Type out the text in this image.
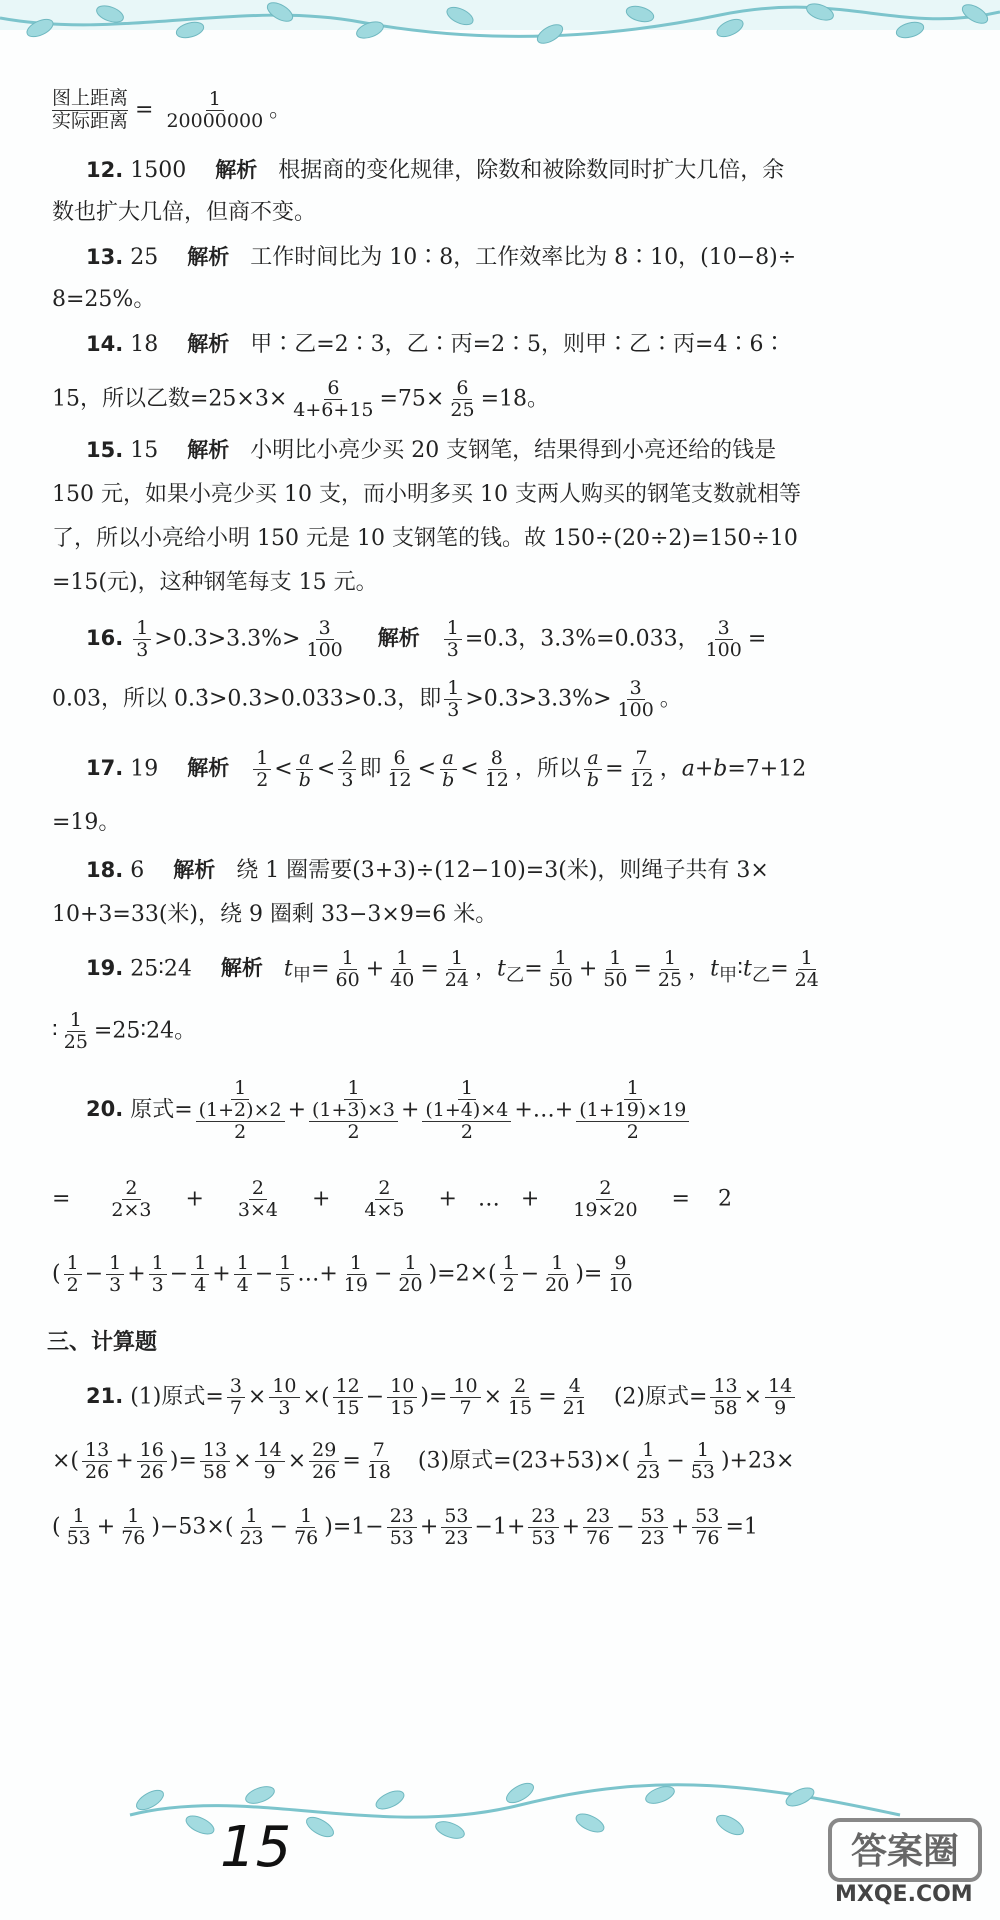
图上距离
实际距离 = $\frac{1}{20000000}$ 。
12. 1500 解析 根据商的变化规律，除数和被除数同时扩大几倍，余
数也扩大几倍，但商不变。
13. 25 解析 工作时间比为 10∶8，工作效率比为 8∶10，(10−8)÷
8=25%。
14. 18 解析 甲∶乙=2∶3，乙∶丙=2∶5，则甲∶乙∶丙=4∶6∶
15，所以乙数$=25\times 3\times \frac{6}{4+6+15} =75\times \frac{6}{25} =18$。
15. 15 解析 小明比小亮少买 20 支钢笔，结果得到小亮还给的钱是
150 元，如果小亮少买 10 支，而小明多买 10 支两人购买的钢笔支数就相等
了，所以小亮给小明 150 元是 10 支钢笔的钱。故 150÷(20÷2)=150÷10
=15(元)，这种钢笔每支 15 元。
16. $\frac{1}{3} >0.3>3.3\%> \frac{3}{100}$ 解析 $\frac{1}{3}$ =0.3̇，3.3%=0.033， $\frac{3}{100}$ =
0.03，所以 0.3̇>0.3>0.033>0.3，即 $\frac{1}{3} >0.3>3.3\%> \frac{3}{100}$ 。
17. 19 解析 $\frac{1}{2} < \frac{a}{b} < \frac{2}{3}$ 即 $\frac{6}{12} < \frac{a}{b} < \frac{8}{12}$ ，所以 $\frac{a}{b} = \frac{7}{12}$ ，a+b=7+12
=19。
18. 6 解析 绕 1 圈需要(3+3)÷(12−10)=3(米)，则绳子共有 3×
10+3=33(米)，绕 9 圈剩 33−3×9=6 米。
19. 25∶24 解析 $t_甲= \frac{1}{60} + \frac{1}{40} = \frac{1}{24}$ ，$t_乙= \frac{1}{50} + \frac{1}{50} = \frac{1}{25}$ ，$t_甲∶t_乙= \frac{1}{24}$
∶ $\frac{1}{25}$ =25∶24。
20. 原式=
1
(1+2)×2
2
+
1
(1+3)×3
2
+
1
(1+4)×4
2
+…+
1
(1+19)×19
2
= $\frac{2}{2\times 3} + \frac{2}{3\times 4} + \frac{2}{4\times 5}$ +   …   + $\frac{2}{19\times 20}$ =    2
( $\frac{1}{2} - \frac{1}{3} + \frac{1}{3} - \frac{1}{4} + \frac{1}{4} - \frac{1}{5}$ …+ $\frac{1}{19} - \frac{1}{20} )=2\times( \frac{1}{2} - \frac{1}{20}$ )= $\frac{9}{10}$
三、计算题
21. (1)原式= $\frac{3}{7} \times \frac{10}{3}$ ×( $\frac{12}{15} - \frac{10}{15}$ )= $\frac{10}{7} \times \frac{2}{15} = \frac{4}{21} (2)$原式= $\frac{13}{58} \times \frac{14}{9}$
×( $\frac{13}{26} + \frac{16}{26}$ )= $\frac{13}{58} \times \frac{14}{9} \times \frac{29}{26} = \frac{7}{18} (3)$原式$=(23+53)\times( \frac{1}{23} - \frac{1}{53} )+23\times$
( $\frac{1}{53} + \frac{1}{76} )-53\times( \frac{1}{23} - \frac{1}{76} )=1- \frac{23}{53} + \frac{53}{23} -1+ \frac{23}{53} + \frac{23}{76} - \frac{53}{23} + \frac{53}{76} =1$
15	答案圈
MXQE.COM
